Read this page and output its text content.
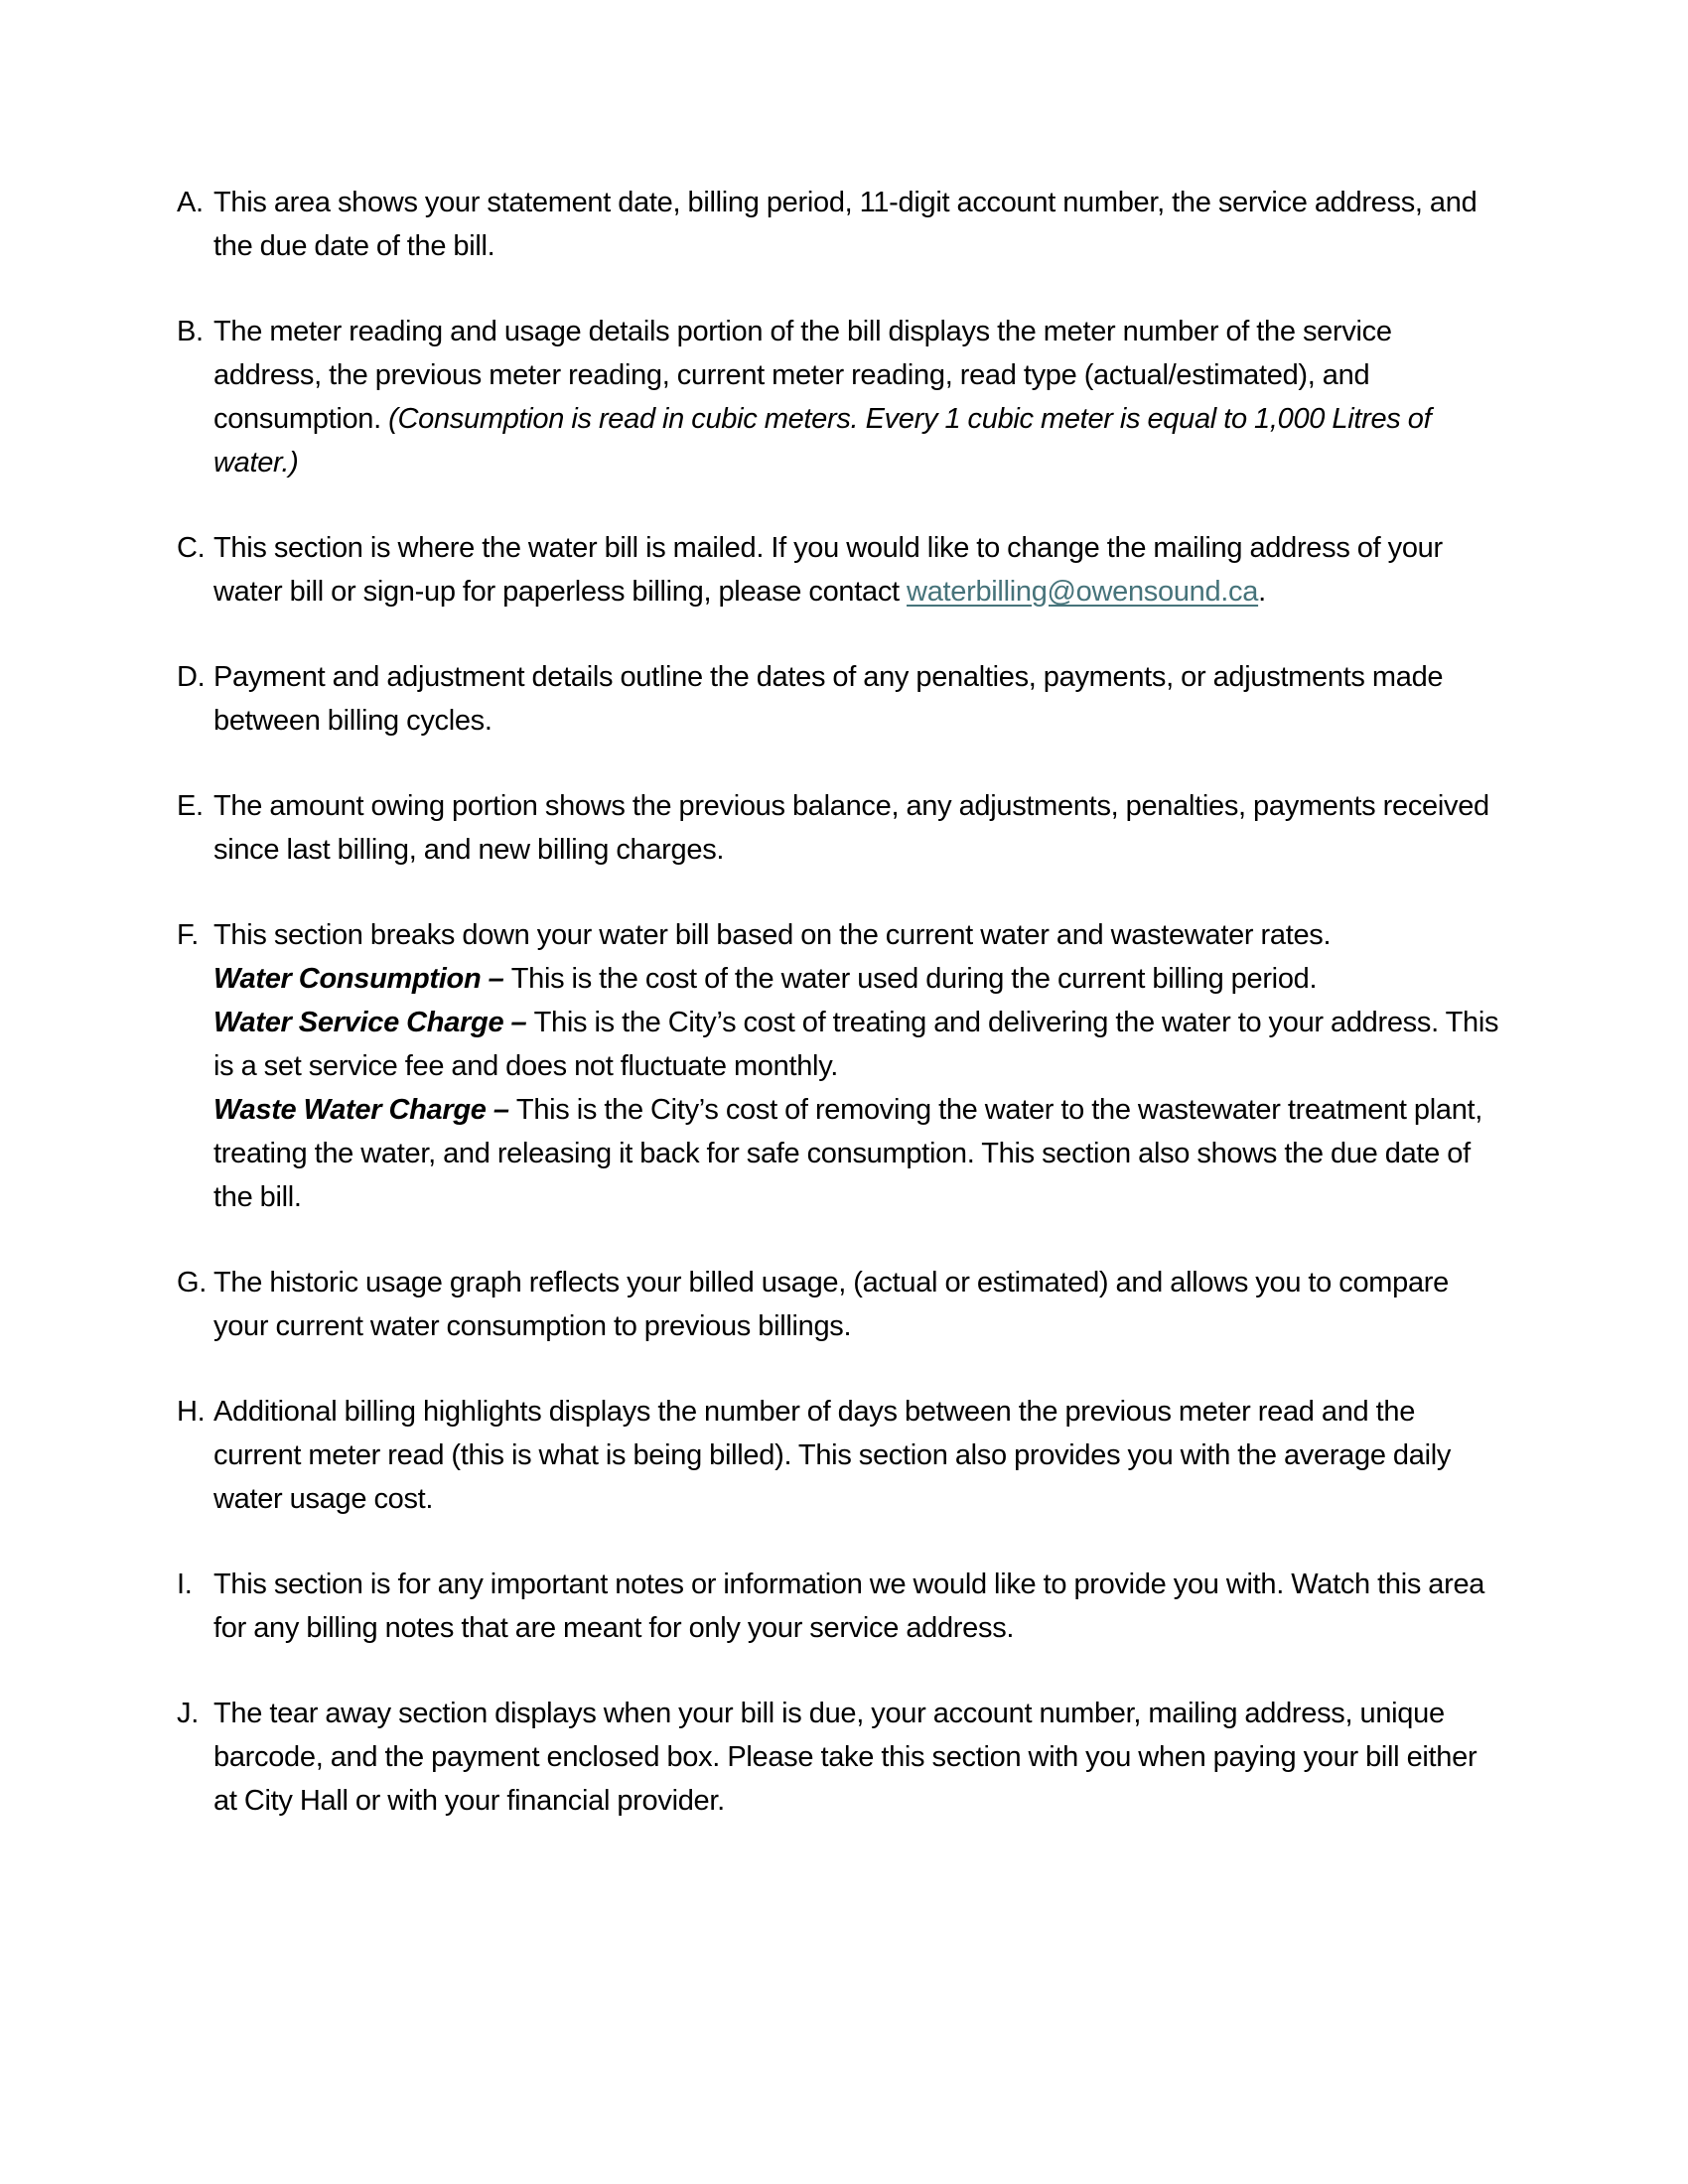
A. This area shows your statement date, billing period, 11-digit account number, the service address, and the due date of the bill.
B. The meter reading and usage details portion of the bill displays the meter number of the service address, the previous meter reading, current meter reading, read type (actual/estimated), and consumption. (Consumption is read in cubic meters. Every 1 cubic meter is equal to 1,000 Litres of water.)
C. This section is where the water bill is mailed. If you would like to change the mailing address of your water bill or sign-up for paperless billing, please contact waterbilling@owensound.ca.
D. Payment and adjustment details outline the dates of any penalties, payments, or adjustments made between billing cycles.
E. The amount owing portion shows the previous balance, any adjustments, penalties, payments received since last billing, and new billing charges.
F. This section breaks down your water bill based on the current water and wastewater rates.
Water Consumption – This is the cost of the water used during the current billing period.
Water Service Charge – This is the City’s cost of treating and delivering the water to your address. This is a set service fee and does not fluctuate monthly.
Waste Water Charge – This is the City’s cost of removing the water to the wastewater treatment plant, treating the water, and releasing it back for safe consumption. This section also shows the due date of the bill.
G. The historic usage graph reflects your billed usage, (actual or estimated) and allows you to compare your current water consumption to previous billings.
H. Additional billing highlights displays the number of days between the previous meter read and the current meter read (this is what is being billed). This section also provides you with the average daily water usage cost.
I. This section is for any important notes or information we would like to provide you with. Watch this area for any billing notes that are meant for only your service address.
J. The tear away section displays when your bill is due, your account number, mailing address, unique barcode, and the payment enclosed box. Please take this section with you when paying your bill either at City Hall or with your financial provider.
